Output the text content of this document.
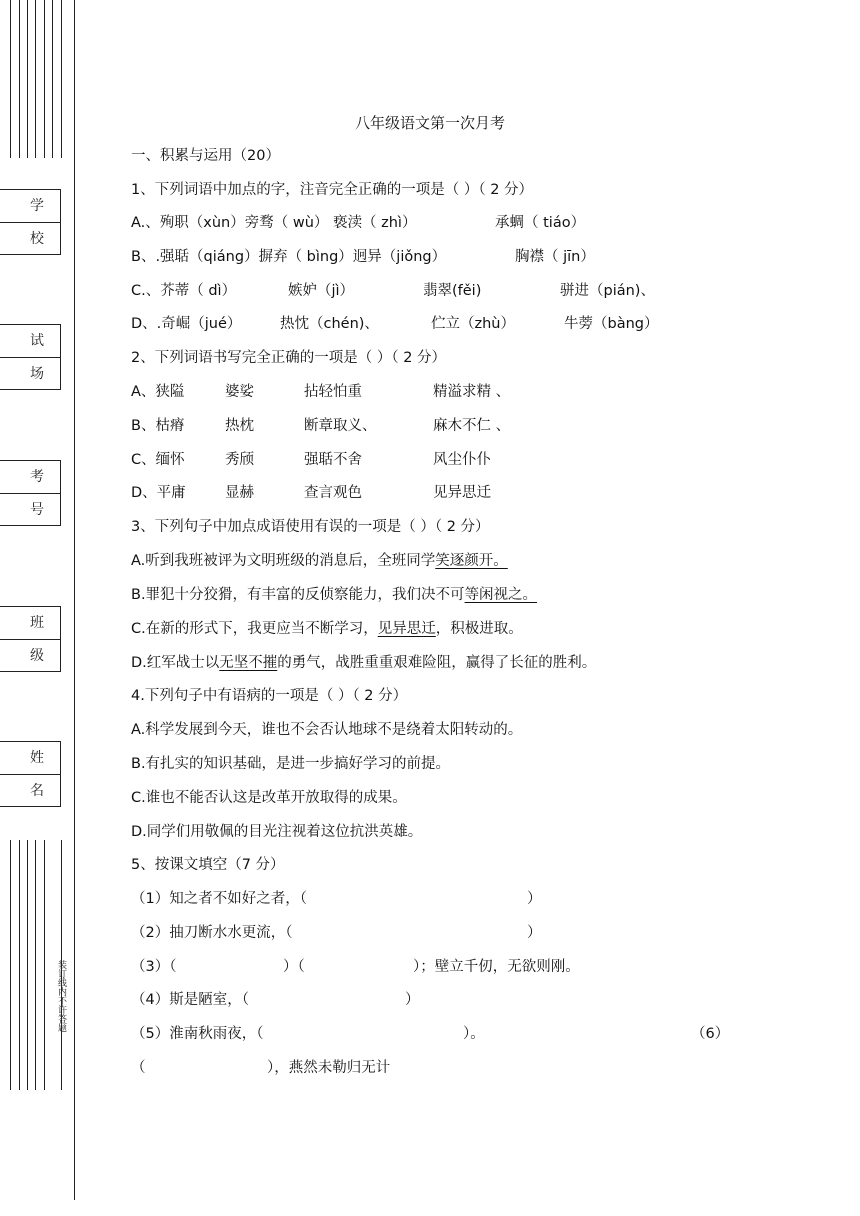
学 校
试 场
考 号
班 级
姓 名
装订线内不许答题
八年级语文第一次月考
一、积累与运用（20）
1、下列词语中加点的字，注音完全正确的一项是（ ）（ 2 分）
A.、殉职（xùn）旁骛（ wù） 亵渎（ zhì）	承蜩（ tiáo）
B、.强聒（qiáng）摒弃（ bìng）迥异（jiǒng）	胸襟（ jīn）
C.、芥蒂（ dì）	嫉妒（jì）	翡翠(fěi)	骈进（pián)、
D、.奇崛（jué）	热忱（chén)、	伫立（zhù）	牛蒡（bàng）
2、下列词语书写完全正确的一项是（ ）（ 2 分）
A、狭隘	婆娑	拈轻怕重	精溢求精 、
B、枯瘠	热枕	断章取义、	麻木不仁 、
C、缅怀	秀颀	强聒不舍	风尘仆仆
D、平庸	显赫	查言观色	见异思迁
3、下列句子中加点成语使用有误的一项是（ ）（ 2 分）
A.听到我班被评为文明班级的消息后，全班同学笑逐颜开。
B.罪犯十分狡猾，有丰富的反侦察能力，我们决不可等闲视之。
C.在新的形式下，我更应当不断学习，见异思迁，积极进取。
D.红军战士以无坚不摧的勇气，战胜重重艰难险阻，赢得了长征的胜利。
4.下列句子中有语病的一项是（ ）（ 2 分）
A.科学发展到今天，谁也不会否认地球不是绕着太阳转动的。
B.有扎实的知识基础，是进一步搞好学习的前提。
C.谁也不能否认这是改革开放取得的成果。
D.同学们用敬佩的目光注视着这位抗洪英雄。
5、按课文填空（7 分）
（1）知之者不如好之者，（	）
（2）抽刀断水水更流，（	）
（3）（	）（	）；壁立千仞，无欲则刚。
（4）斯是陋室，（	）
（5）淮南秋雨夜，（	）。	（6）
（	），燕然未勒归无计
